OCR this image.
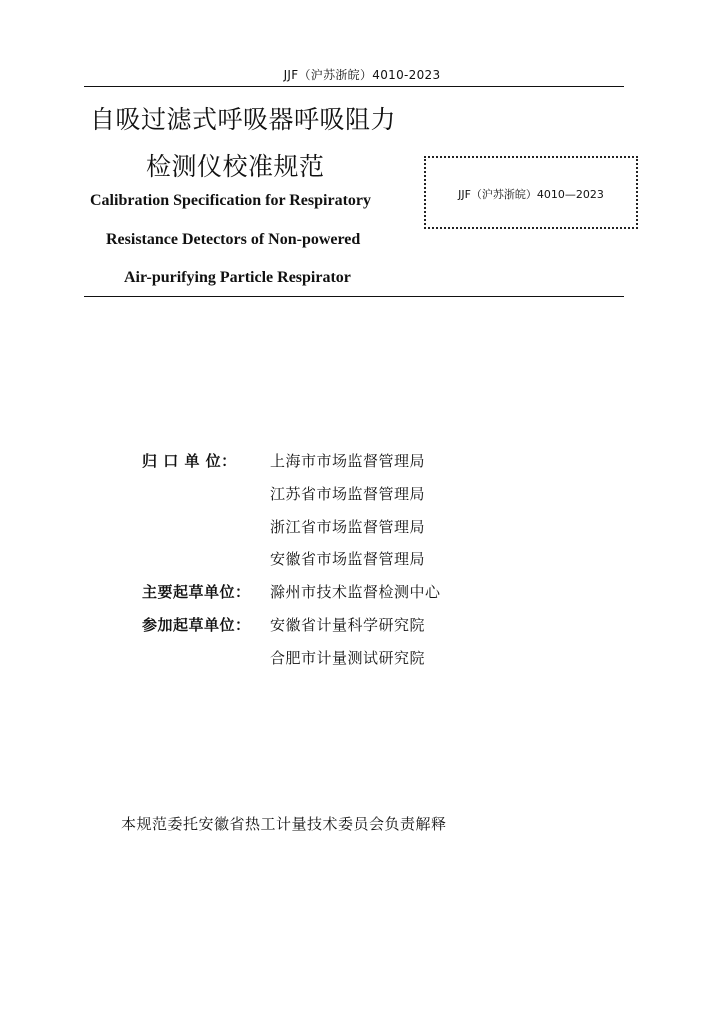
JJF（沪苏浙皖）4010-2023
自吸过滤式呼吸器呼吸阻力
检测仪校准规范
Calibration Specification for Respiratory
Resistance Detectors of Non-powered
Air-purifying Particle Respirator
JJF（沪苏浙皖）4010—2023
归 口 单 位： 上海市市场监督管理局
江苏省市场监督管理局
浙江省市场监督管理局
安徽省市场监督管理局
主要起草单位： 滁州市技术监督检测中心
参加起草单位： 安徽省计量科学研究院
合肥市计量测试研究院
本规范委托安徽省热工计量技术委员会负责解释
